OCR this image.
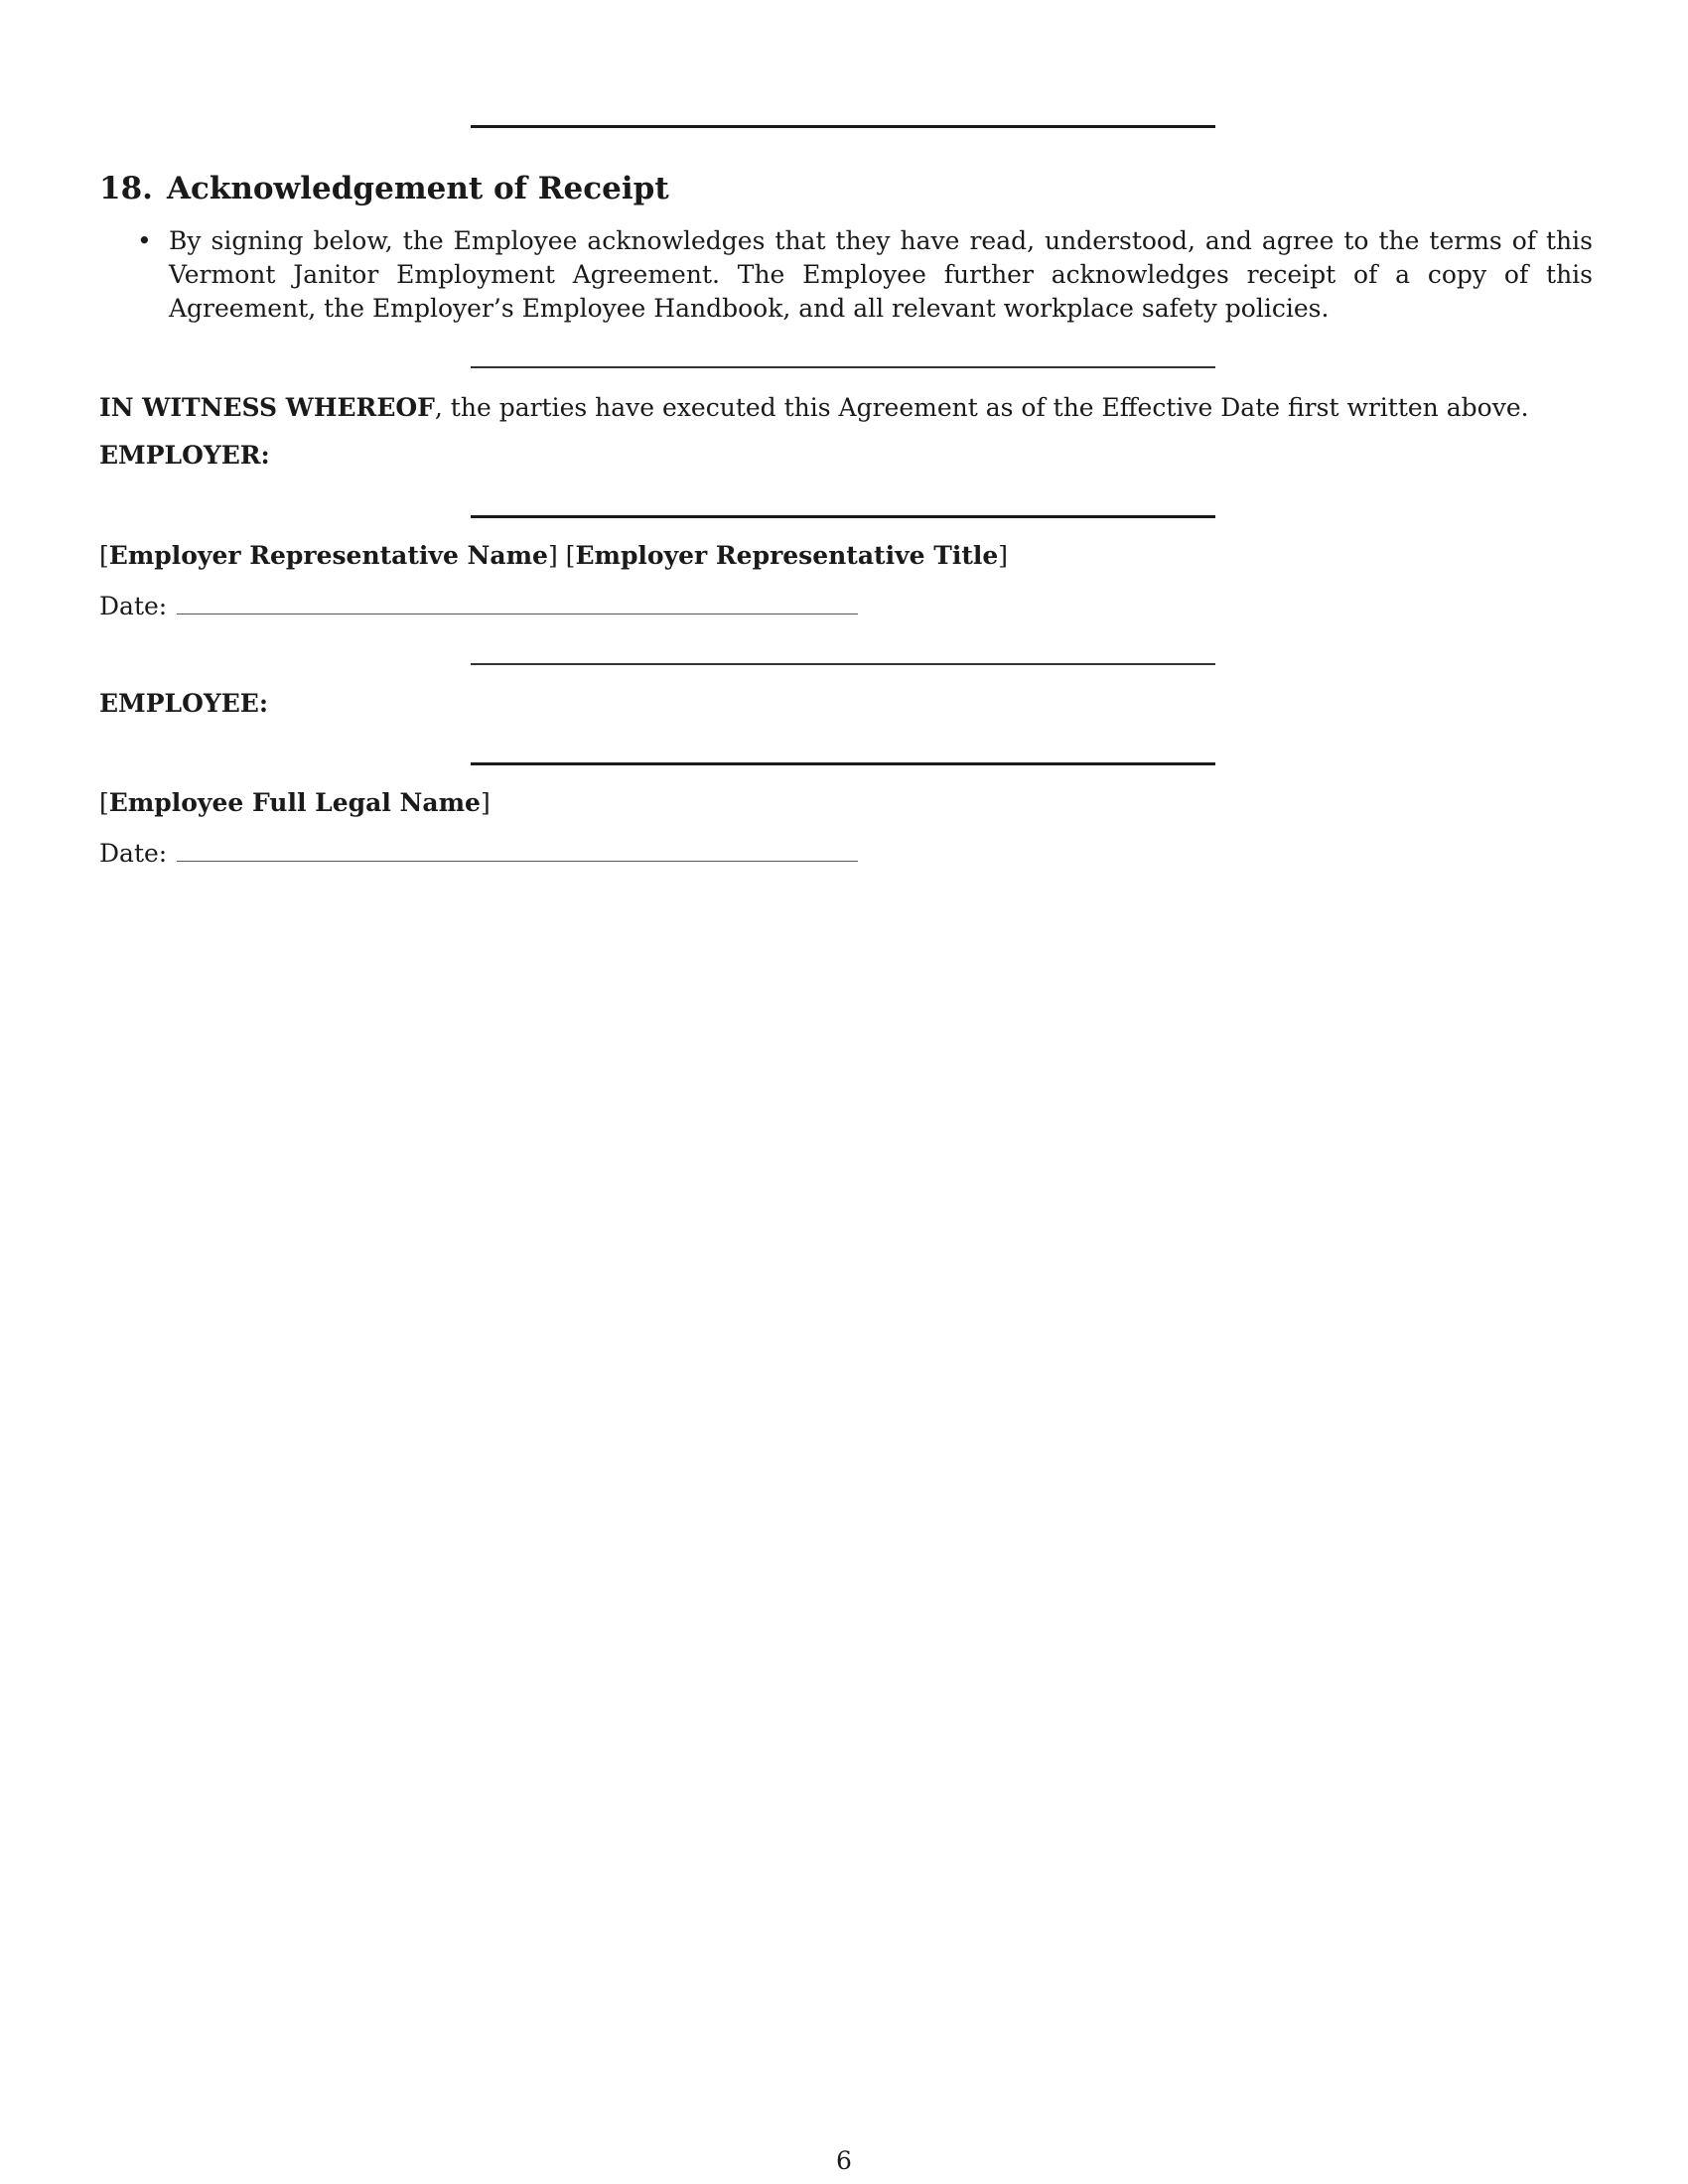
18. Acknowledgement of Receipt
• By signing below, the Employee acknowledges that they have read, understood, and agree to the terms of this Vermont Janitor Employment Agreement. The Employee further acknowledges receipt of a copy of this Agreement, the Employer’s Employee Handbook, and all relevant workplace safety policies.

IN WITNESS WHEREOF, the parties have executed this Agreement as of the Effective Date first written above.

EMPLOYER:

[Employer Representative Name] [Employer Representative Title]

Date:

EMPLOYEE:

[Employee Full Legal Name]

Date:

6
